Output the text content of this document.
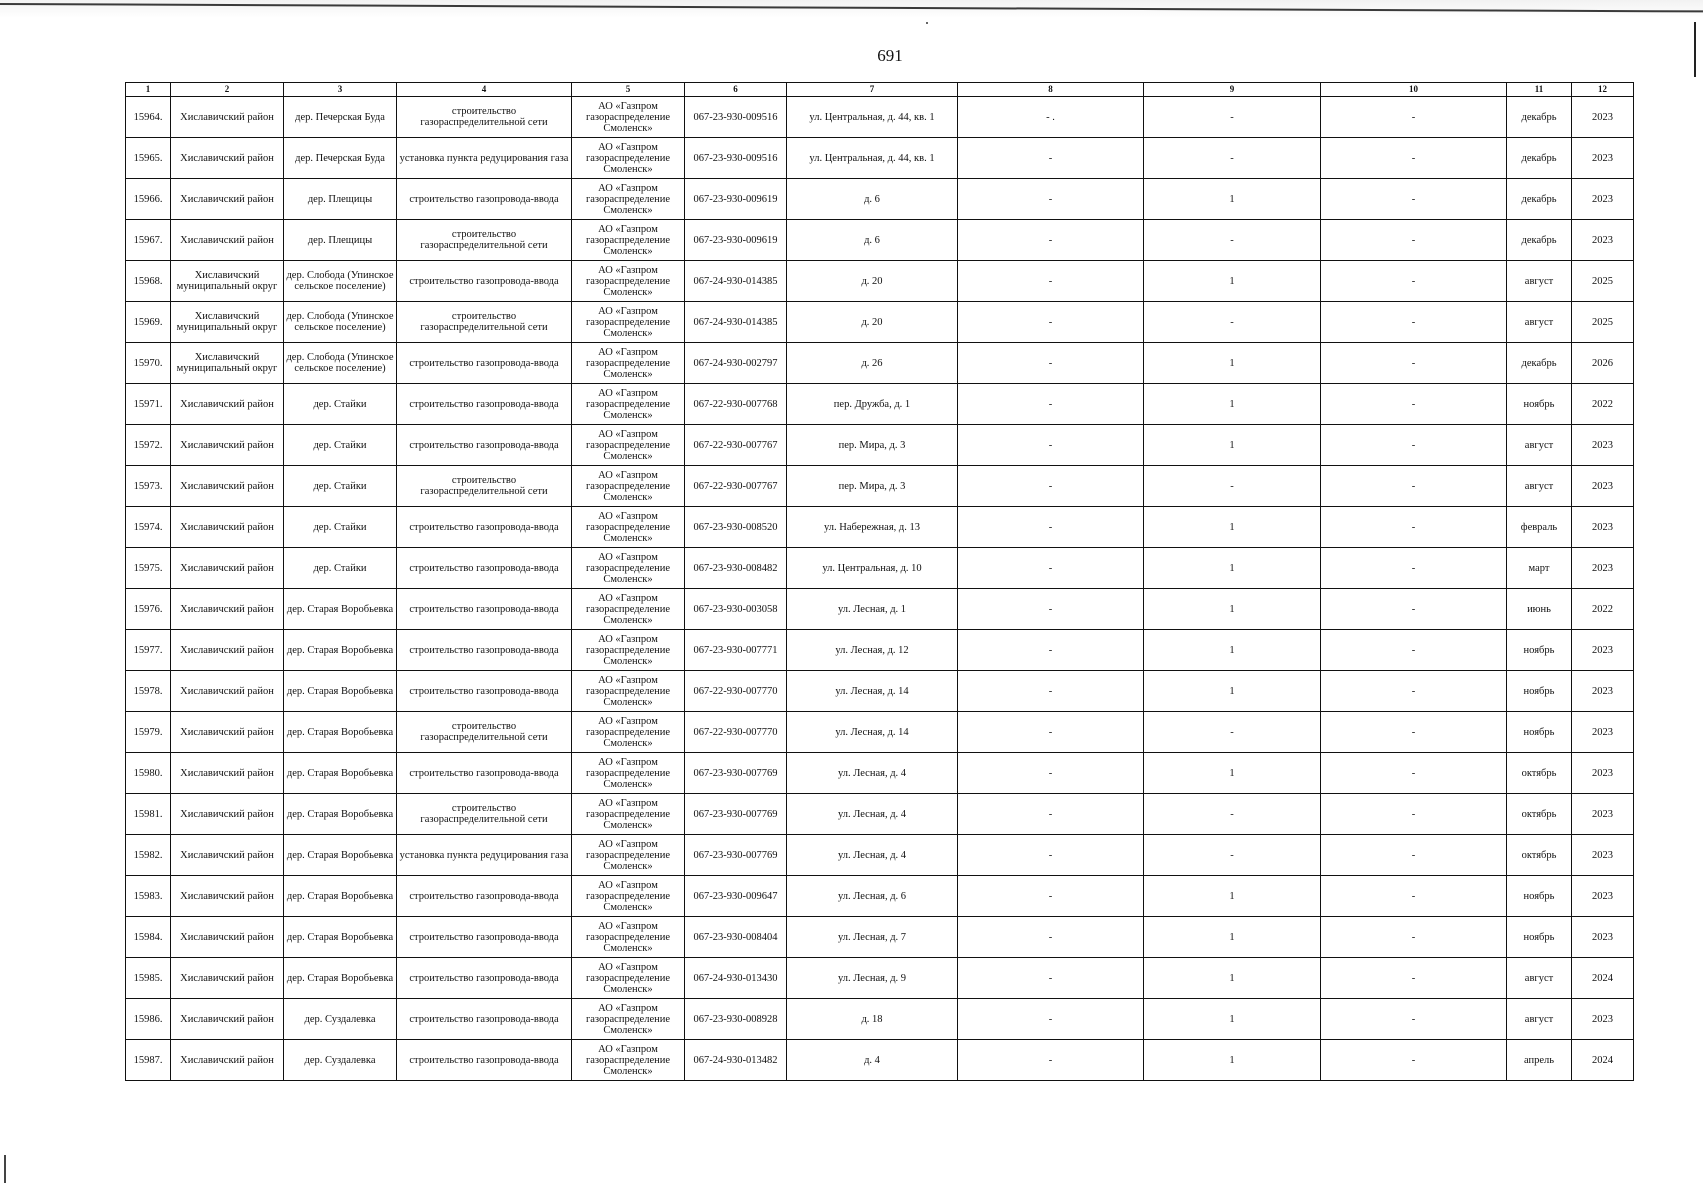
691
1	2	3	4	5	6	7	8	9	10	11	12
15964.	Хиславичский район	дер. Печерская Буда	строительство газораспределительной сети	АО «Газпром газораспределение Смоленск»	067-23-930-009516	ул. Центральная, д. 44, кв. 1	- .	-	-	декабрь	2023
15965.	Хиславичский район	дер. Печерская Буда	установка пункта редуцирования газа	АО «Газпром газораспределение Смоленск»	067-23-930-009516	ул. Центральная, д. 44, кв. 1	-	-	-	декабрь	2023
15966.	Хиславичский район	дер. Плещицы	строительство газопровода-ввода	АО «Газпром газораспределение Смоленск»	067-23-930-009619	д. 6	-	1	-	декабрь	2023
15967.	Хиславичский район	дер. Плещицы	строительство газораспределительной сети	АО «Газпром газораспределение Смоленск»	067-23-930-009619	д. 6	-	-	-	декабрь	2023
15968.	Хиславичский муниципальный округ	дер. Слобода (Упинское сельское поселение)	строительство газопровода-ввода	АО «Газпром газораспределение Смоленск»	067-24-930-014385	д. 20	-	1	-	август	2025
15969.	Хиславичский муниципальный округ	дер. Слобода (Упинское сельское поселение)	строительство газораспределительной сети	АО «Газпром газораспределение Смоленск»	067-24-930-014385	д. 20	-	-	-	август	2025
15970.	Хиславичский муниципальный округ	дер. Слобода (Упинское сельское поселение)	строительство газопровода-ввода	АО «Газпром газораспределение Смоленск»	067-24-930-002797	д. 26	-	1	-	декабрь	2026
15971.	Хиславичский район	дер. Стайки	строительство газопровода-ввода	АО «Газпром газораспределение Смоленск»	067-22-930-007768	пер. Дружба, д. 1	-	1	-	ноябрь	2022
15972.	Хиславичский район	дер. Стайки	строительство газопровода-ввода	АО «Газпром газораспределение Смоленск»	067-22-930-007767	пер. Мира, д. 3	-	1	-	август	2023
15973.	Хиславичский район	дер. Стайки	строительство газораспределительной сети	АО «Газпром газораспределение Смоленск»	067-22-930-007767	пер. Мира, д. 3	-	-	-	август	2023
15974.	Хиславичский район	дер. Стайки	строительство газопровода-ввода	АО «Газпром газораспределение Смоленск»	067-23-930-008520	ул. Набережная, д. 13	-	1	-	февраль	2023
15975.	Хиславичский район	дер. Стайки	строительство газопровода-ввода	АО «Газпром газораспределение Смоленск»	067-23-930-008482	ул. Центральная, д. 10	-	1	-	март	2023
15976.	Хиславичский район	дер. Старая Воробьевка	строительство газопровода-ввода	АО «Газпром газораспределение Смоленск»	067-23-930-003058	ул. Лесная, д. 1	-	1	-	июнь	2022
15977.	Хиславичский район	дер. Старая Воробьевка	строительство газопровода-ввода	АО «Газпром газораспределение Смоленск»	067-23-930-007771	ул. Лесная, д. 12	-	1	-	ноябрь	2023
15978.	Хиславичский район	дер. Старая Воробьевка	строительство газопровода-ввода	АО «Газпром газораспределение Смоленск»	067-22-930-007770	ул. Лесная, д. 14	-	1	-	ноябрь	2023
15979.	Хиславичский район	дер. Старая Воробьевка	строительство газораспределительной сети	АО «Газпром газораспределение Смоленск»	067-22-930-007770	ул. Лесная, д. 14	-	-	-	ноябрь	2023
15980.	Хиславичский район	дер. Старая Воробьевка	строительство газопровода-ввода	АО «Газпром газораспределение Смоленск»	067-23-930-007769	ул. Лесная, д. 4	-	1	-	октябрь	2023
15981.	Хиславичский район	дер. Старая Воробьевка	строительство газораспределительной сети	АО «Газпром газораспределение Смоленск»	067-23-930-007769	ул. Лесная, д. 4	-	-	-	октябрь	2023
15982.	Хиславичский район	дер. Старая Воробьевка	установка пункта редуцирования газа	АО «Газпром газораспределение Смоленск»	067-23-930-007769	ул. Лесная, д. 4	-	-	-	октябрь	2023
15983.	Хиславичский район	дер. Старая Воробьевка	строительство газопровода-ввода	АО «Газпром газораспределение Смоленск»	067-23-930-009647	ул. Лесная, д. 6	-	1	-	ноябрь	2023
15984.	Хиславичский район	дер. Старая Воробьевка	строительство газопровода-ввода	АО «Газпром газораспределение Смоленск»	067-23-930-008404	ул. Лесная, д. 7	-	1	-	ноябрь	2023
15985.	Хиславичский район	дер. Старая Воробьевка	строительство газопровода-ввода	АО «Газпром газораспределение Смоленск»	067-24-930-013430	ул. Лесная, д. 9	-	1	-	август	2024
15986.	Хиславичский район	дер. Суздалевка	строительство газопровода-ввода	АО «Газпром газораспределение Смоленск»	067-23-930-008928	д. 18	-	1	-	август	2023
15987.	Хиславичский район	дер. Суздалевка	строительство газопровода-ввода	АО «Газпром газораспределение Смоленск»	067-24-930-013482	д. 4	-	1	-	апрель	2024
